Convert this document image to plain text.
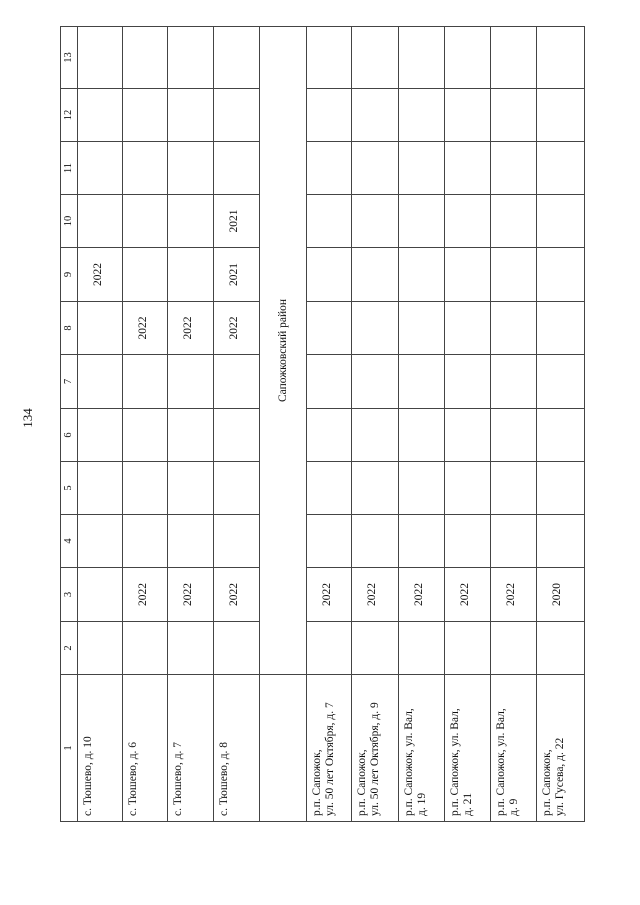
134
1	2	3	4	5	6	7	8	9	10	11	12	13
с. Тюшево, д. 10								2022				
с. Тюшево, д. 6		2022					2022					
с. Тюшево, д. 7		2022					2022					
с. Тюшево, д. 8		2022					2022	2021	2021			
	Сапожковский район											

р.п. Сапожок, ул. 50 лет Октября, д. 7		2022										

р.п. Сапожок, ул. 50 лет Октября, д. 9		2022										

р.п. Сапожок, ул. Вал, д. 19		2022										

р.п. Сапожок, ул. Вал, д. 21		2022										

р.п. Сапожок, ул. Вал, д. 9		2022										

р.п. Сапожок, ул. Гусева, д. 22		2020										
